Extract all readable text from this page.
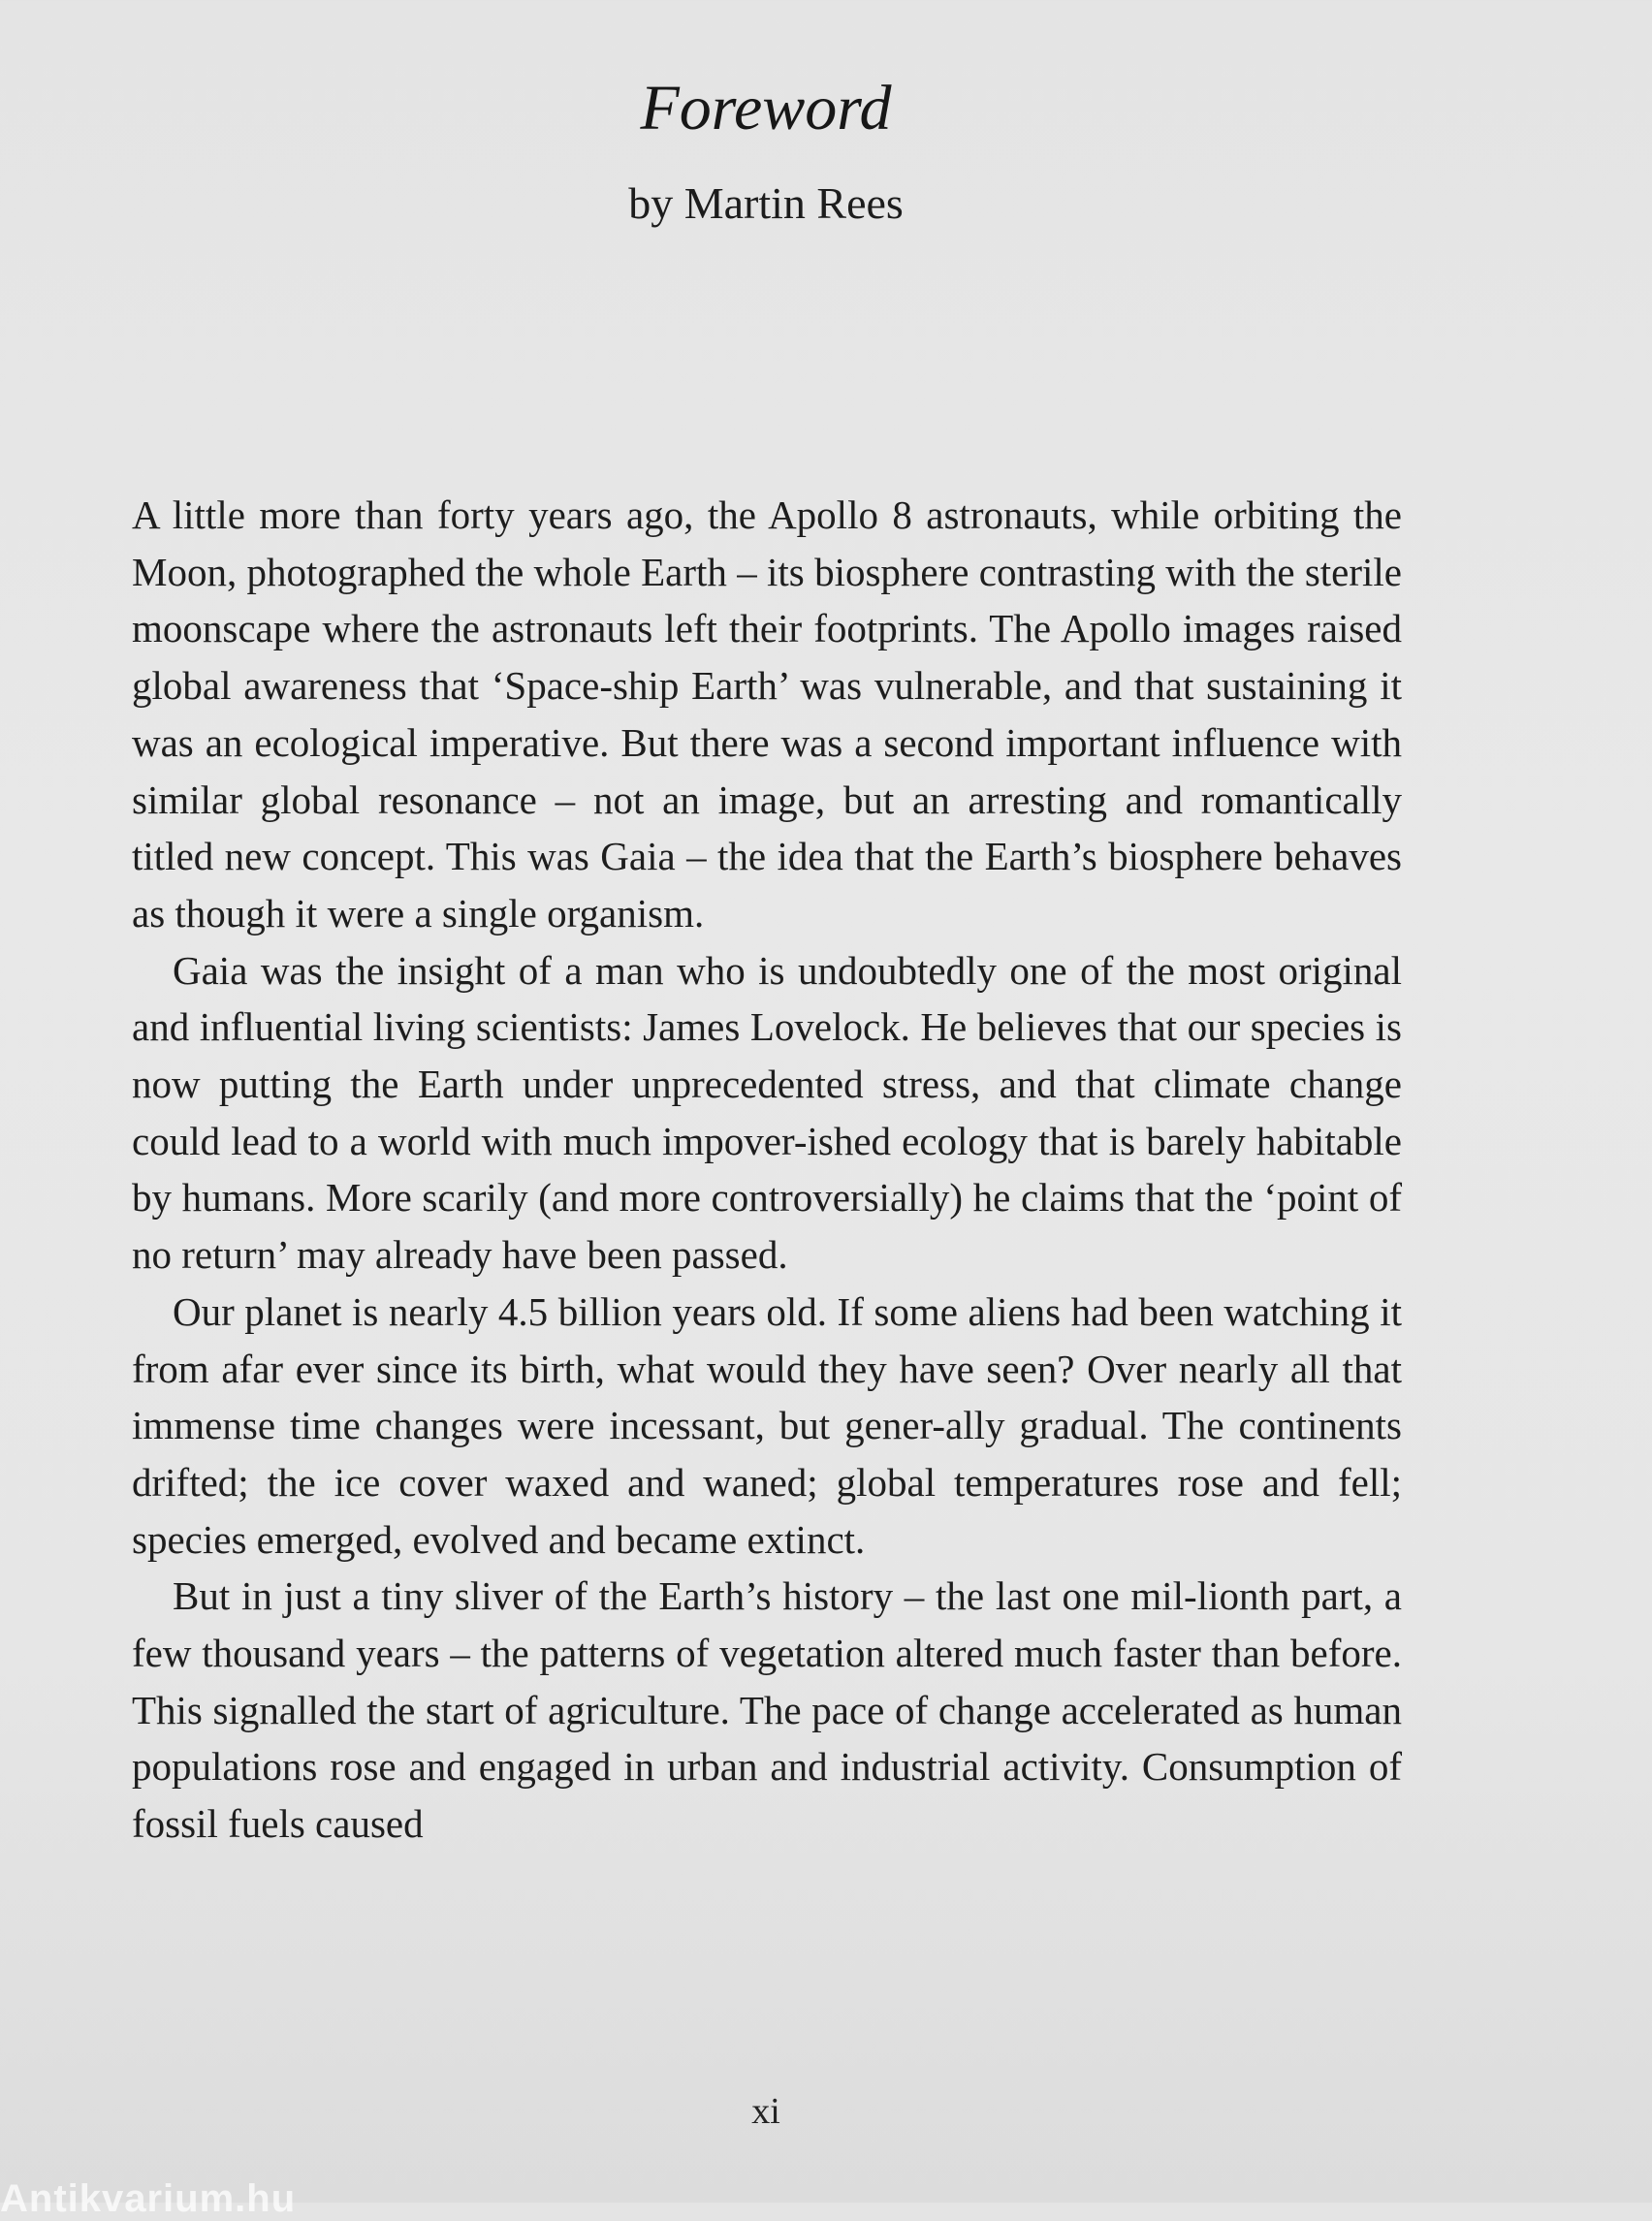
Foreword

by Martin Rees

A little more than forty years ago, the Apollo 8 astronauts, while orbiting the Moon, photographed the whole Earth – its biosphere contrasting with the sterile moonscape where the astronauts left their footprints. The Apollo images raised global awareness that ‘Space-ship Earth’ was vulnerable, and that sustaining it was an ecological imperative. But there was a second important influence with similar global resonance – not an image, but an arresting and romantically titled new concept. This was Gaia – the idea that the Earth’s biosphere behaves as though it were a single organism.

Gaia was the insight of a man who is undoubtedly one of the most original and influential living scientists: James Lovelock. He believes that our species is now putting the Earth under unprecedented stress, and that climate change could lead to a world with much impover-ished ecology that is barely habitable by humans. More scarily (and more controversially) he claims that the ‘point of no return’ may already have been passed.

Our planet is nearly 4.5 billion years old. If some aliens had been watching it from afar ever since its birth, what would they have seen? Over nearly all that immense time changes were incessant, but gener-ally gradual. The continents drifted; the ice cover waxed and waned; global temperatures rose and fell; species emerged, evolved and became extinct.

But in just a tiny sliver of the Earth’s history – the last one mil-lionth part, a few thousand years – the patterns of vegetation altered much faster than before. This signalled the start of agriculture. The pace of change accelerated as human populations rose and engaged in urban and industrial activity. Consumption of fossil fuels caused

xi
Antikvarium.hu
